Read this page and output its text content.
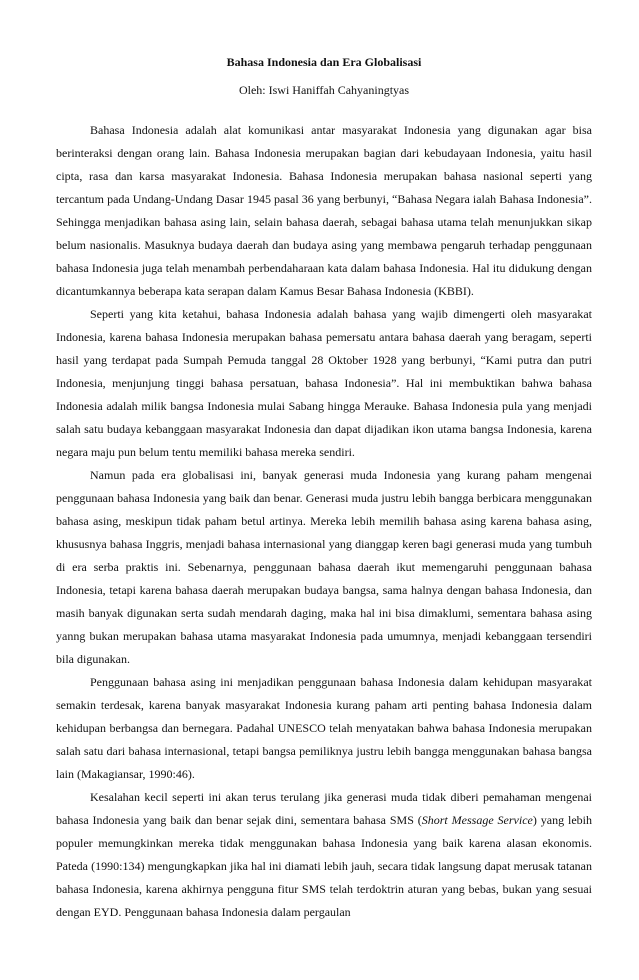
Bahasa Indonesia dan Era Globalisasi
Oleh: Iswi Haniffah Cahyaningtyas

Bahasa Indonesia adalah alat komunikasi antar masyarakat Indonesia yang digunakan agar bisa berinteraksi dengan orang lain. Bahasa Indonesia merupakan bagian dari kebudayaan Indonesia, yaitu hasil cipta, rasa dan karsa masyarakat Indonesia. Bahasa Indonesia merupakan bahasa nasional seperti yang tercantum pada Undang-Undang Dasar 1945 pasal 36 yang berbunyi, “Bahasa Negara ialah Bahasa Indonesia”. Sehingga menjadikan bahasa asing lain, selain bahasa daerah, sebagai bahasa utama telah menunjukkan sikap belum nasionalis. Masuknya budaya daerah dan budaya asing yang membawa pengaruh terhadap penggunaan bahasa Indonesia juga telah menambah perbendaharaan kata dalam bahasa Indonesia. Hal itu didukung dengan dicantumkannya beberapa kata serapan dalam Kamus Besar Bahasa Indonesia (KBBI).

Seperti yang kita ketahui, bahasa Indonesia adalah bahasa yang wajib dimengerti oleh masyarakat Indonesia, karena bahasa Indonesia merupakan bahasa pemersatu antara bahasa daerah yang beragam, seperti hasil yang terdapat pada Sumpah Pemuda tanggal 28 Oktober 1928 yang berbunyi, “Kami putra dan putri Indonesia, menjunjung tinggi bahasa persatuan, bahasa Indonesia”. Hal ini membuktikan bahwa bahasa Indonesia adalah milik bangsa Indonesia mulai Sabang hingga Merauke. Bahasa Indonesia pula yang menjadi salah satu budaya kebanggaan masyarakat Indonesia dan dapat dijadikan ikon utama bangsa Indonesia, karena negara maju pun belum tentu memiliki bahasa mereka sendiri.

Namun pada era globalisasi ini, banyak generasi muda Indonesia yang kurang paham mengenai penggunaan bahasa Indonesia yang baik dan benar. Generasi muda justru lebih bangga berbicara menggunakan bahasa asing, meskipun tidak paham betul artinya. Mereka lebih memilih bahasa asing karena bahasa asing, khususnya bahasa Inggris, menjadi bahasa internasional yang dianggap keren bagi generasi muda yang tumbuh di era serba praktis ini. Sebenarnya, penggunaan bahasa daerah ikut memengaruhi penggunaan bahasa Indonesia, tetapi karena bahasa daerah merupakan budaya bangsa, sama halnya dengan bahasa Indonesia, dan masih banyak digunakan serta sudah mendarah daging, maka hal ini bisa dimaklumi, sementara bahasa asing yanng bukan merupakan bahasa utama masyarakat Indonesia pada umumnya, menjadi kebanggaan tersendiri bila digunakan.

Penggunaan bahasa asing ini menjadikan penggunaan bahasa Indonesia dalam kehidupan masyarakat semakin terdesak, karena banyak masyarakat Indonesia kurang paham arti penting bahasa Indonesia dalam kehidupan berbangsa dan bernegara. Padahal UNESCO telah menyatakan bahwa bahasa Indonesia merupakan salah satu dari bahasa internasional, tetapi bangsa pemiliknya justru lebih bangga menggunakan bahasa bangsa lain (Makagiansar, 1990:46).

Kesalahan kecil seperti ini akan terus terulang jika generasi muda tidak diberi pemahaman mengenai bahasa Indonesia yang baik dan benar sejak dini, sementara bahasa SMS (Short Message Service) yang lebih populer memungkinkan mereka tidak menggunakan bahasa Indonesia yang baik karena alasan ekonomis. Pateda (1990:134) mengungkapkan jika hal ini diamati lebih jauh, secara tidak langsung dapat merusak tatanan bahasa Indonesia, karena akhirnya pengguna fitur SMS telah terdoktrin aturan yang bebas, bukan yang sesuai dengan EYD. Penggunaan bahasa Indonesia dalam pergaulan
